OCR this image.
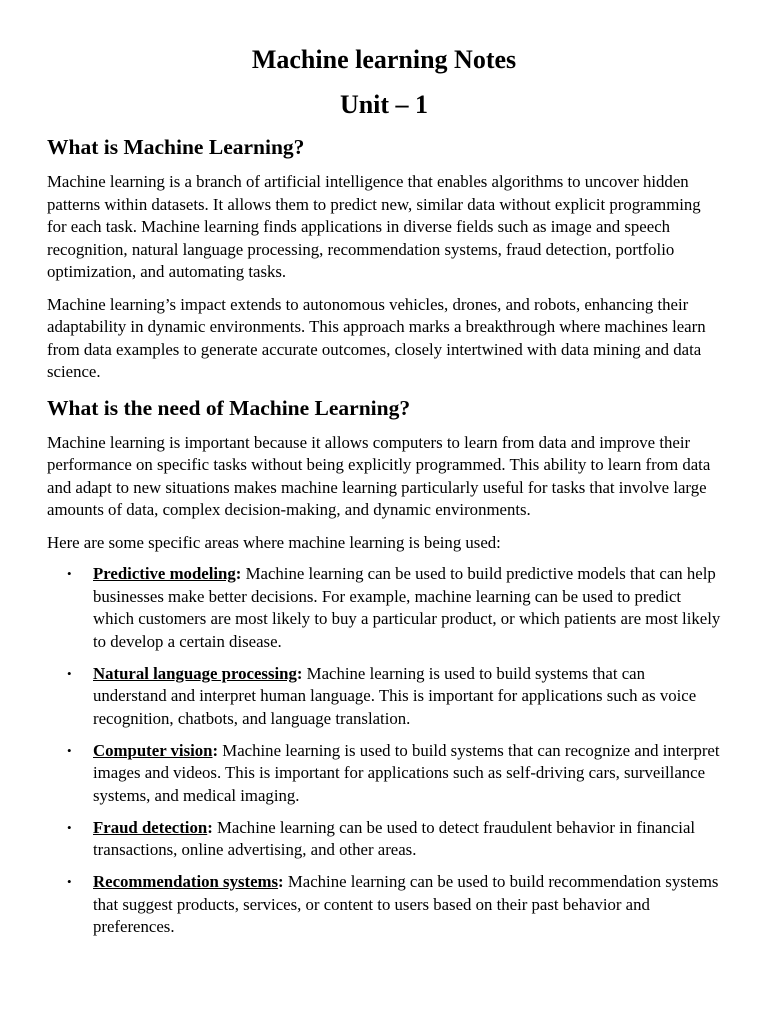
Machine learning Notes
Unit – 1
What is Machine Learning?

Machine learning is a branch of artificial intelligence that enables algorithms to uncover hidden patterns within datasets. It allows them to predict new, similar data without explicit programming for each task. Machine learning finds applications in diverse fields such as image and speech recognition, natural language processing, recommendation systems, fraud detection, portfolio optimization, and automating tasks.

Machine learning’s impact extends to autonomous vehicles, drones, and robots, enhancing their adaptability in dynamic environments. This approach marks a breakthrough where machines learn from data examples to generate accurate outcomes, closely intertwined with data mining and data science.

What is the need of Machine Learning?

Machine learning is important because it allows computers to learn from data and improve their performance on specific tasks without being explicitly programmed. This ability to learn from data and adapt to new situations makes machine learning particularly useful for tasks that involve large amounts of data, complex decision-making, and dynamic environments.

Here are some specific areas where machine learning is being used:

• Predictive modeling: Machine learning can be used to build predictive models that can help businesses make better decisions. For example, machine learning can be used to predict which customers are most likely to buy a particular product, or which patients are most likely to develop a certain disease.
• Natural language processing: Machine learning is used to build systems that can understand and interpret human language. This is important for applications such as voice recognition, chatbots, and language translation.
• Computer vision: Machine learning is used to build systems that can recognize and interpret images and videos. This is important for applications such as self-driving cars, surveillance systems, and medical imaging.
• Fraud detection: Machine learning can be used to detect fraudulent behavior in financial transactions, online advertising, and other areas.
• Recommendation systems: Machine learning can be used to build recommendation systems that suggest products, services, or content to users based on their past behavior and preferences.
